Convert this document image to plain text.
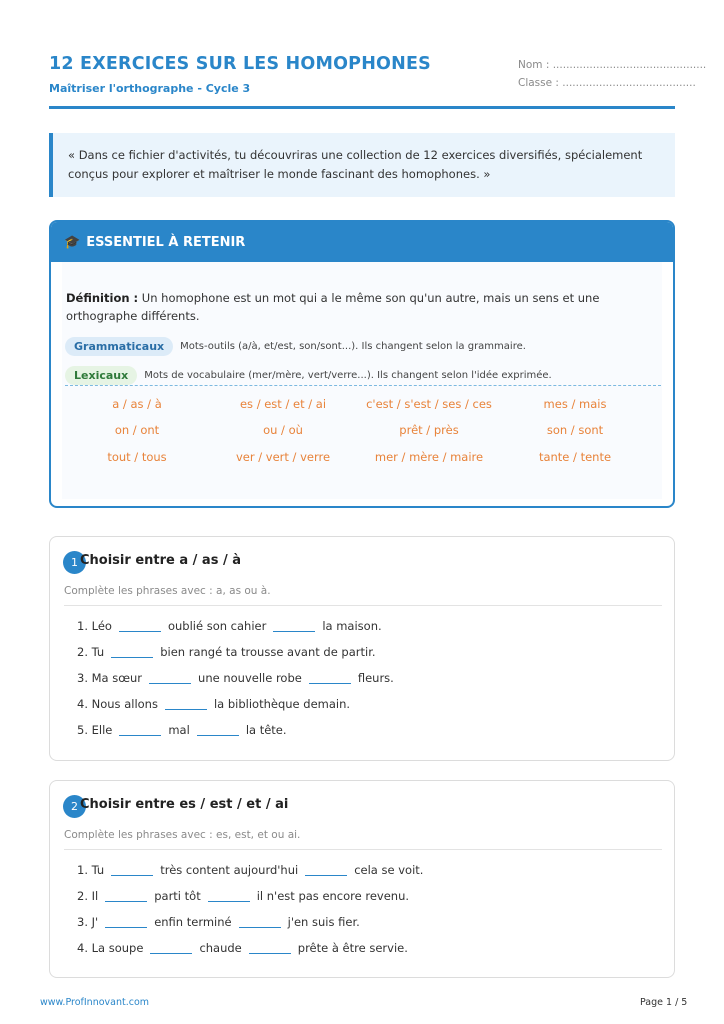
12 EXERCICES SUR LES HOMOPHONES
Maîtriser l'orthographe - Cycle 3
Nom : ..............................................
Classe : ........................................
« Dans ce fichier d'activités, tu découvriras une collection de 12 exercices diversifiés, spécialement conçus pour explorer et maîtriser le monde fascinant des homophones. »
🎓 ESSENTIEL À RETENIR
Définition : Un homophone est un mot qui a le même son qu'un autre, mais un sens et une orthographe différents.
Grammaticaux	Mots-outils (a/à, et/est, son/sont...). Ils changent selon la grammaire.
Lexicaux	Mots de vocabulaire (mer/mère, vert/verre...). Ils changent selon l'idée exprimée.
a / as / à	es / est / et / ai	c'est / s'est / ses / ces	mes / mais
on / ont	ou / où	prêt / près	son / sont
tout / tous	ver / vert / verre	mer / mère / maire	tante / tente
1 Choisir entre a / as / à
Complète les phrases avec : a, as ou à.
1. Léo	oublié son cahier	la maison.
2. Tu	bien rangé ta trousse avant de partir.
3. Ma sœur	une nouvelle robe	fleurs.
4. Nous allons	la bibliothèque demain.
5. Elle	mal	la tête.
2 Choisir entre es / est / et / ai
Complète les phrases avec : es, est, et ou ai.
1. Tu	très content aujourd'hui	cela se voit.
2. Il	parti tôt	il n'est pas encore revenu.
3. J'	enfin terminé	j'en suis fier.
4. La soupe	chaude	prête à être servie.
www.ProfInnovant.com	Page 1 / 5
